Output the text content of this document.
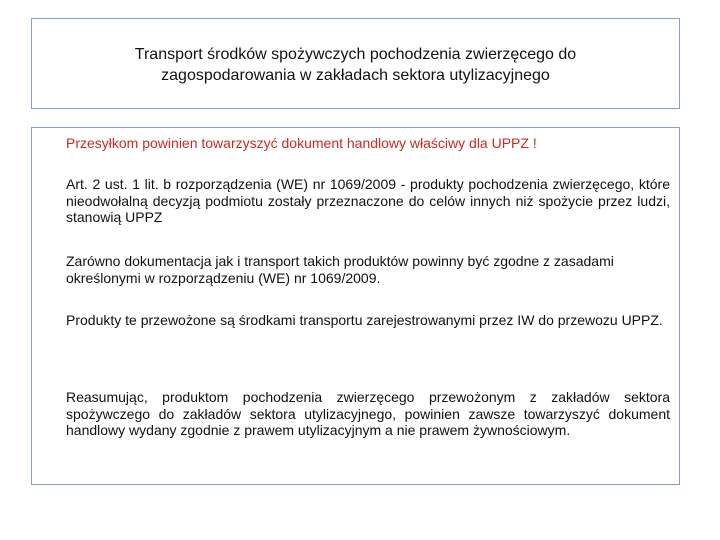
Transport środków spożywczych pochodzenia zwierzęcego do
zagospodarowania w zakładach sektora utylizacyjnego

Przesyłkom powinien towarzyszyć dokument handlowy właściwy dla UPPZ !

Art. 2 ust. 1 lit. b rozporządzenia (WE) nr 1069/2009 - produkty pochodzenia zwierzęcego, które nieodwołalną decyzją podmiotu zostały przeznaczone do celów innych niż spożycie przez ludzi, stanowią UPPZ

Zarówno dokumentacja jak i transport takich produktów powinny być zgodne z zasadami określonymi w rozporządzeniu (WE) nr 1069/2009.

Produkty te przewożone są środkami transportu zarejestrowanymi przez IW do przewozu UPPZ.

Reasumując, produktom pochodzenia zwierzęcego przewożonym z zakładów sektora spożywczego do zakładów sektora utylizacyjnego, powinien zawsze towarzyszyć dokument handlowy wydany zgodnie z prawem utylizacyjnym a nie prawem żywnościowym.
